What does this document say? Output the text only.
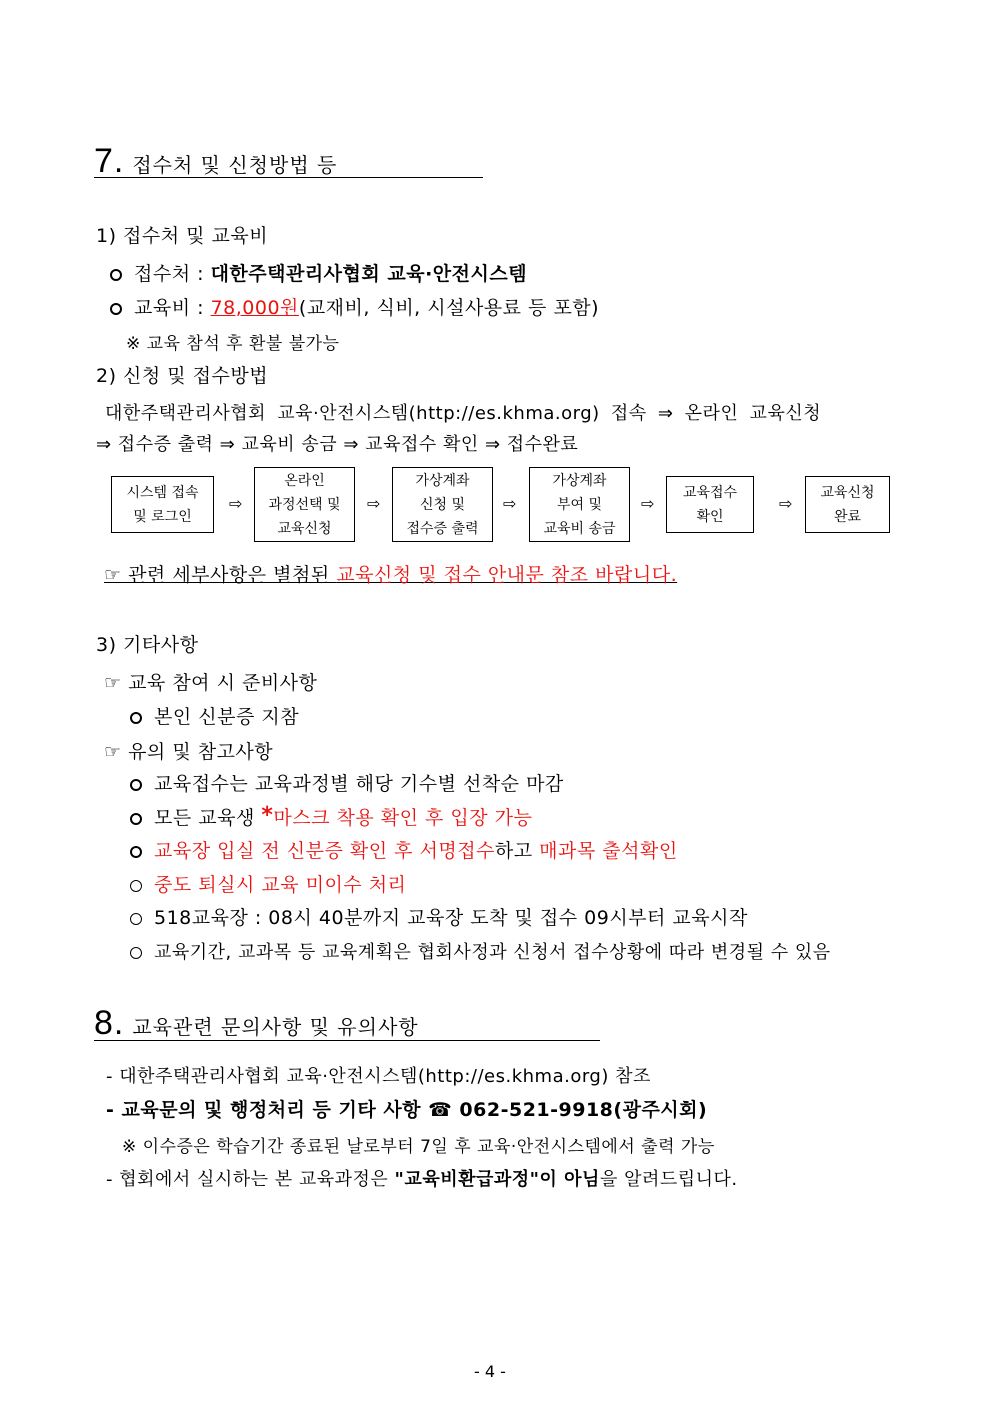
7. 접수처 및 신청방법 등
1) 접수처 및 교육비
접수처 : 대한주택관리사협회 교육·안전시스템
교육비 : 78,000원(교재비, 식비, 시설사용료 등 포함)
※ 교육 참석 후 환불 불가능
2) 신청 및 접수방법
대한주택관리사협회 교육·안전시스템(http://es.khma.org) 접속 ⇒ 온라인 교육신청
⇒ 접수증 출력 ⇒ 교육비 송금 ⇒ 교육접수 확인 ⇒ 접수완료
시스템 접속
및 로그인
⇨
온라인
과정선택 및
교육신청
⇨
가상계좌
신청 및
접수증 출력
⇨
가상계좌
부여 및
교육비 송금
⇨
교육접수
확인
⇨
교육신청
완료
☞ 관련 세부사항은 별첨된 교육신청 및 접수 안내문 참조 바랍니다.
3) 기타사항
☞ 교육 참여 시 준비사항
본인 신분증 지참
☞ 유의 및 참고사항
교육접수는 교육과정별 해당 기수별 선착순 마감
모든 교육생 *마스크 착용 확인 후 입장 가능
교육장 입실 전 신분증 확인 후 서명접수하고 매과목 출석확인
중도 퇴실시 교육 미이수 처리
518교육장 : 08시 40분까지 교육장 도착 및 접수 09시부터 교육시작
교육기간, 교과목 등 교육계획은 협회사정과 신청서 접수상황에 따라 변경될 수 있음
8. 교육관련 문의사항 및 유의사항
- 대한주택관리사협회 교육·안전시스템(http://es.khma.org) 참조
- 교육문의 및 행정처리 등 기타 사항 ☎ 062-521-9918(광주시회)
※ 이수증은 학습기간 종료된 날로부터 7일 후 교육·안전시스템에서 출력 가능
- 협회에서 실시하는 본 교육과정은 "교육비환급과정"이 아님을 알려드립니다.
- 4 -
